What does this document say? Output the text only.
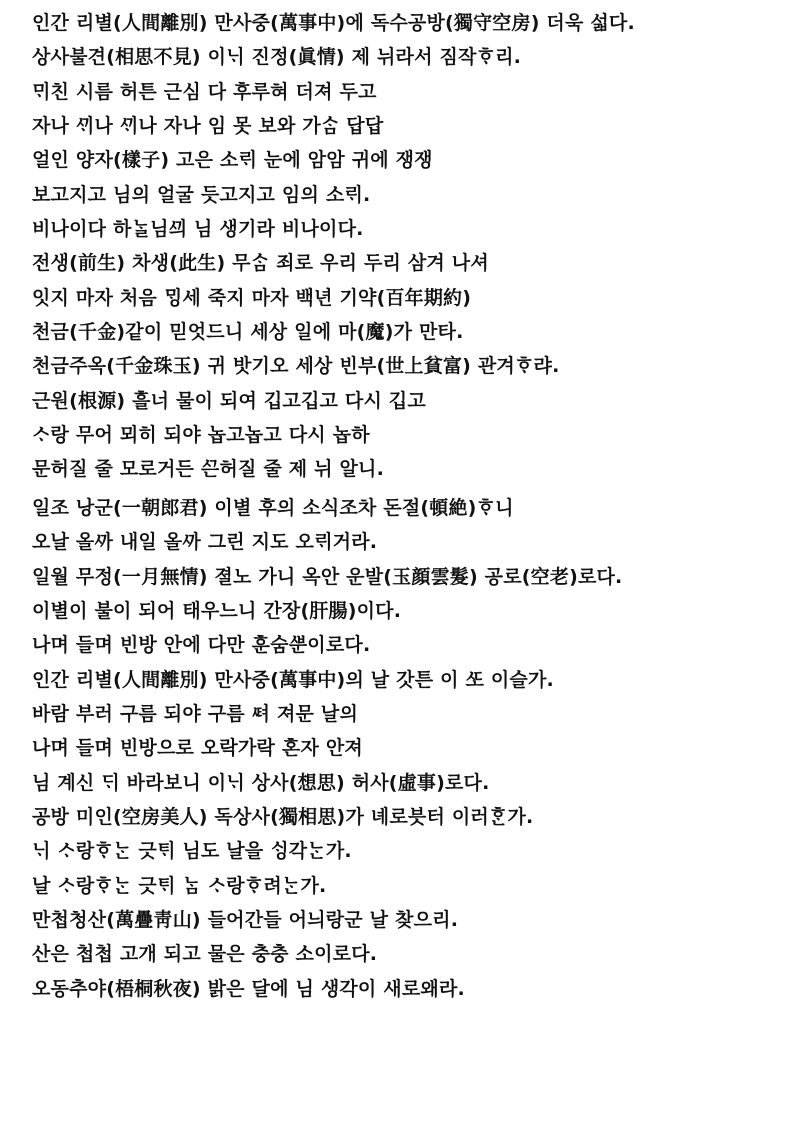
인간 리별(人間離別) 만사중(萬事中)에 독수공방(獨守空房) 더욱 섧다.
상사불견(相思不見) 이ᄂᆡ 진정(眞情) 제 뉘라서 짐작ᄒᆞ리.
ᄆᆡ친 시름 허튼 근심 다 후루혀 더져 두고
자나 ᄭᆡ나 ᄭᆡ나 자나 임 못 보와 가ᄉᆞᆷ 답답
얼인 양자(樣子) 고은 소ᄅᆡ 눈에 암암 귀에 쟁쟁
보고지고 님의 얼굴 듯고지고 임의 소ᄅᆡ.
비나이다 하ᄂᆞᆯ님ᄭᅴ 님 생기라 비나이다.
전생(前生) 차생(此生) 무ᄉᆞᆷ 죄로 우리 두리 삼겨 나셔
잇지 마자 처음 ᄆᆡᆼ세 죽지 마자 백년 기약(百年期約)
천금(千金)같이 믿엇드니 세상 일에 마(魔)가 만타.
천금주옥(千金珠玉) 귀 밧기오 세상 빈부(世上貧富) 관겨ᄒᆞ랴.
근원(根源) 흘너 물이 되여 깁고깁고 다시 깁고
ᄉᆞ랑 무어 뫼히 되야 놉고놉고 다시 놉하
문허질 줄 모로거든 ᄭᅳᆫ허질 줄 제 뉘 알니.
일조 낭군(一朝郎君) 이별 후의 소식조차 돈절(頓絶)ᄒᆞ니
오날 올ᄭᅡ 내일 올ᄭᅡ 그린 지도 오ᄅᆡ거라.
일월 무정(一月無情) 졀노 가니 옥안 운발(玉顔雲髮) 공로(空老)로다.
이별이 불이 되어 태우느니 간장(肝腸)이다.
나며 들며 빈방 안에 다만 훈숨ᄲᅮᆫ이로다.
인간 리별(人間離別) 만사중(萬事中)의 날 갓튼 이 ᄯᅩ 이슬가.
바람 부러 구름 되야 구름 ᄹᅧ 져문 날의
나며 들며 빈방으로 오락가락 혼자 안져
님 계신 ᄃᆡ 바라보니 이ᄂᆡ 상사(想思) 허사(虛事)로다.
공방 미인(空房美人) 독상사(獨相思)가 녜로븟터 이러ᄒᆞᆫ가.
ᄂᆡ ᄉᆞ랑ᄒᆞᄂᆞᆫ 긋ᄐᆡ 님도 날을 ᄉᆡᆼ각ᄂᆞᆫ가.
날 ᄉᆞ랑ᄒᆞᄂᆞᆫ 긋ᄐᆡ ᄂᆞᆷ ᄉᆞ랑ᄒᆞ려ᄂᆞᆫ가.
만첩청산(萬疊靑山) 들어간들 어늬랑군 날 찾으리.
산은 첩첩 고개 되고 물은 충충 소이로다.
오동추야(梧桐秋夜) 밝은 달에 님 생각이 새로왜라.
